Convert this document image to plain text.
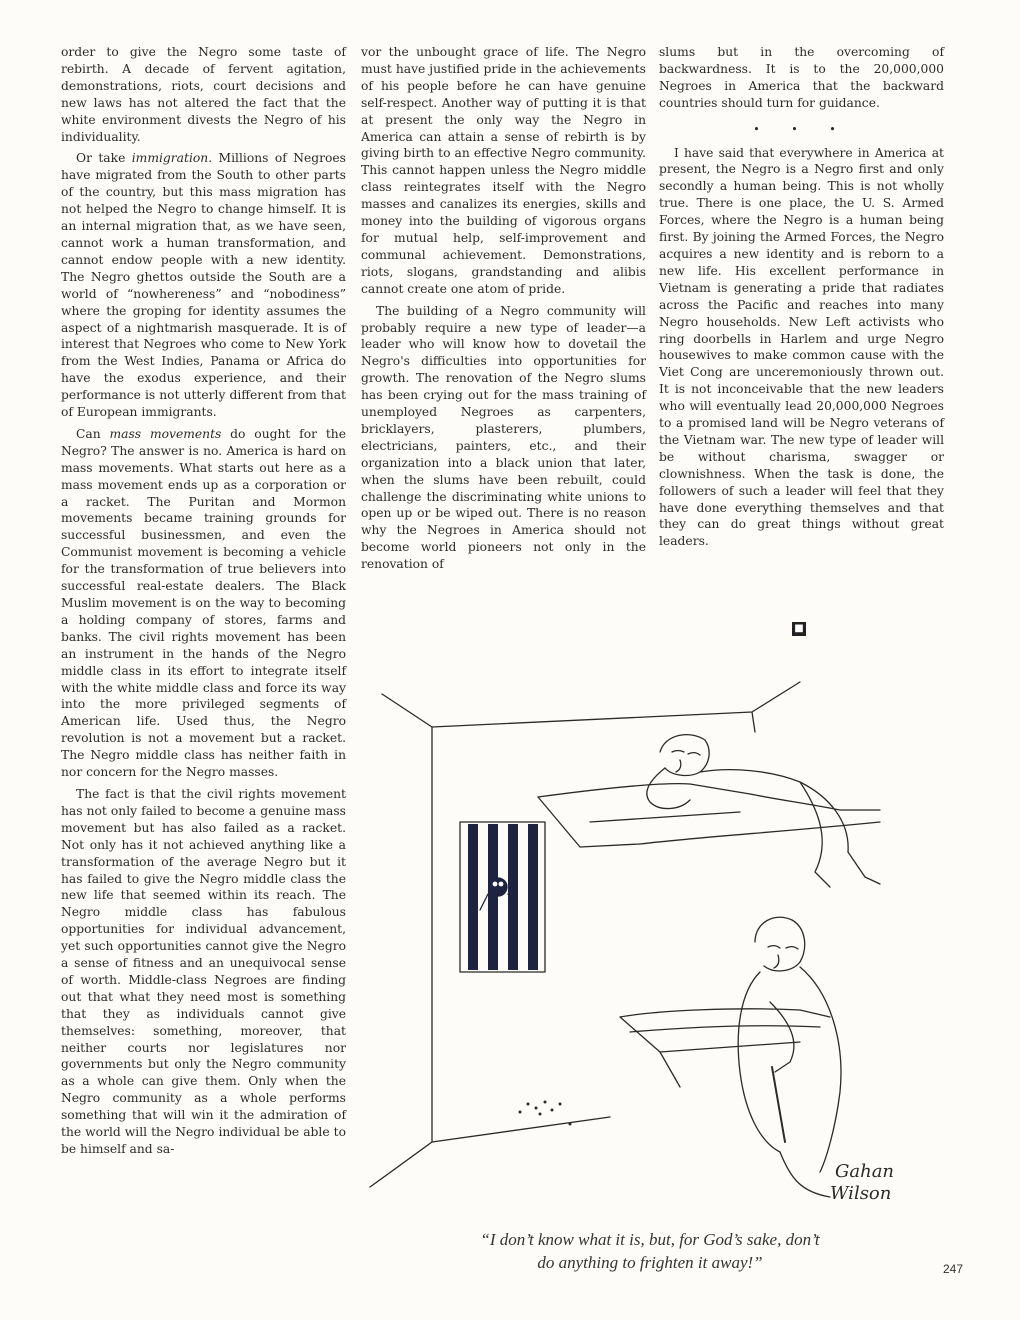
order to give the Negro some taste of rebirth. A decade of fervent agitation, demonstrations, riots, court decisions and new laws has not altered the fact that the white environment divests the Negro of his individuality.

Or take immigration. Millions of Negroes have migrated from the South to other parts of the country, but this mass migration has not helped the Negro to change himself. It is an internal migration that, as we have seen, cannot work a human transformation, and cannot endow people with a new identity. The Negro ghettos outside the South are a world of “nowhereness” and “nobodiness” where the groping for identity assumes the aspect of a nightmarish masquerade. It is of interest that Negroes who come to New York from the West Indies, Panama or Africa do have the exodus experience, and their performance is not utterly different from that of European immigrants.

Can mass movements do ought for the Negro? The answer is no. America is hard on mass movements. What starts out here as a mass movement ends up as a corporation or a racket. The Puritan and Mormon movements became training grounds for successful businessmen, and even the Communist movement is becoming a vehicle for the transformation of true believers into successful real-estate dealers. The Black Muslim movement is on the way to becoming a holding company of stores, farms and banks. The civil rights movement has been an instrument in the hands of the Negro middle class in its effort to integrate itself with the white middle class and force its way into the more privileged segments of American life. Used thus, the Negro revolution is not a movement but a racket. The Negro middle class has neither faith in nor concern for the Negro masses.

The fact is that the civil rights movement has not only failed to become a genuine mass movement but has also failed as a racket. Not only has it not achieved anything like a transformation of the average Negro but it has failed to give the Negro middle class the new life that seemed within its reach. The Negro middle class has fabulous opportunities for individual advancement, yet such opportunities cannot give the Negro a sense of fitness and an unequivocal sense of worth. Middle-class Negroes are finding out that what they need most is something that they as individuals cannot give themselves: something, moreover, that neither courts nor legislatures nor governments but only the Negro community as a whole can give them. Only when the Negro community as a whole performs something that will win it the admiration of the world will the Negro individual be able to be himself and sa-

vor the unbought grace of life. The Negro must have justified pride in the achievements of his people before he can have genuine self-respect. Another way of putting it is that at present the only way the Negro in America can attain a sense of rebirth is by giving birth to an effective Negro community. This cannot happen unless the Negro middle class reintegrates itself with the Negro masses and canalizes its energies, skills and money into the building of vigorous organs for mutual help, self-improvement and communal achievement. Demonstrations, riots, slogans, grandstanding and alibis cannot create one atom of pride.

The building of a Negro community will probably require a new type of leader—a leader who will know how to dovetail the Negro's difficulties into opportunities for growth. The renovation of the Negro slums has been crying out for the mass training of unemployed Negroes as carpenters, bricklayers, plasterers, plumbers, electricians, painters, etc., and their organization into a black union that later, when the slums have been rebuilt, could challenge the discriminating white unions to open up or be wiped out. There is no reason why the Negroes in America should not become world pioneers not only in the renovation of

slums but in the overcoming of backwardness. It is to the 20,000,000 Negroes in America that the backward countries should turn for guidance.

• • •

I have said that everywhere in America at present, the Negro is a Negro first and only secondly a human being. This is not wholly true. There is one place, the U. S. Armed Forces, where the Negro is a human being first. By joining the Armed Forces, the Negro acquires a new identity and is reborn to a new life. His excellent performance in Vietnam is generating a pride that radiates across the Pacific and reaches into many Negro households. New Left activists who ring doorbells in Harlem and urge Negro housewives to make common cause with the Viet Cong are unceremoniously thrown out. It is not inconceivable that the new leaders who will eventually lead 20,000,000 Negroes to a promised land will be Negro veterans of the Vietnam war. The new type of leader will be without charisma, swagger or clownishness. When the task is done, the followers of such a leader will feel that they have done everything themselves and that they can do great things without great leaders.

■
Gahan
Wilson
“I don’t know what it is, but, for God’s sake, don’t
do anything to frighten it away!”	247
